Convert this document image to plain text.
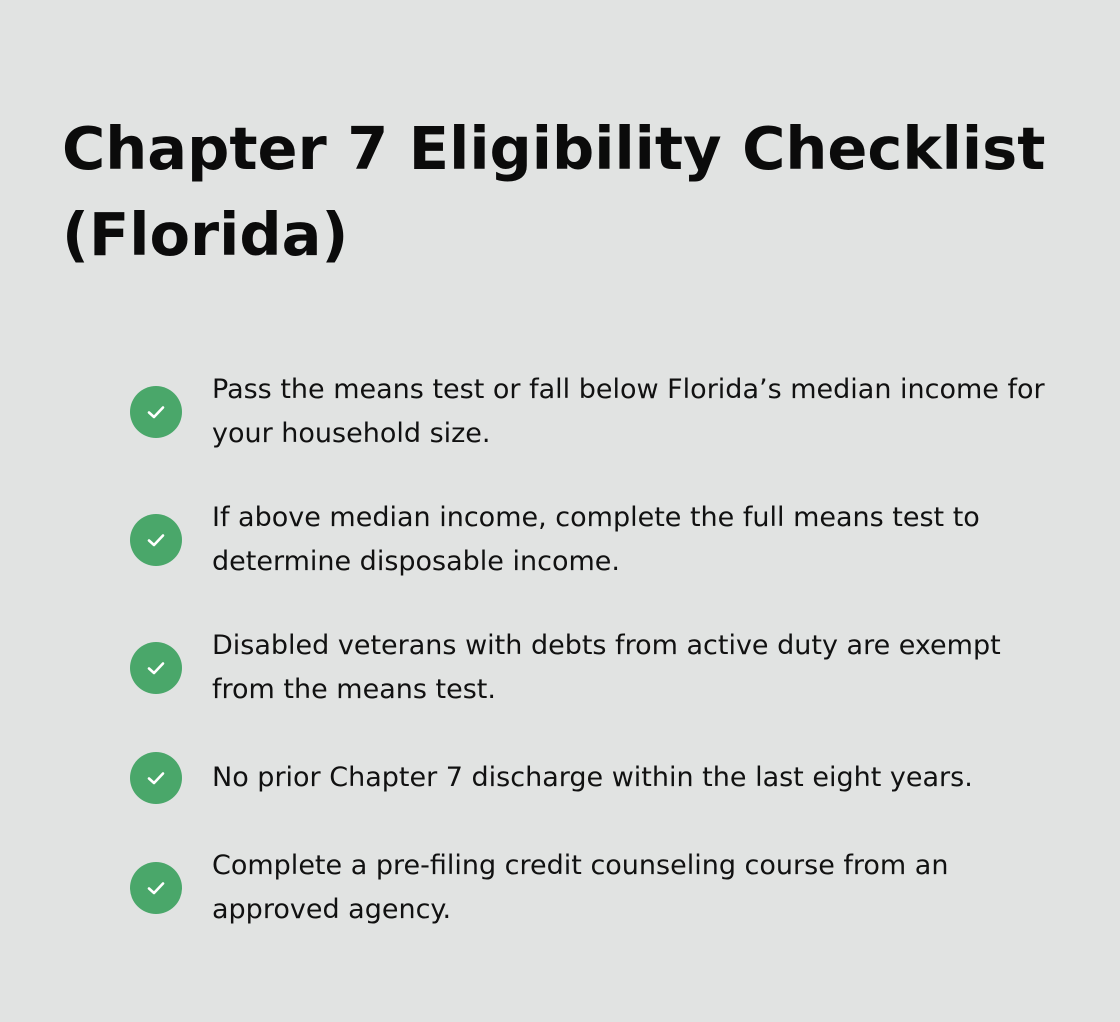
Chapter 7 Eligibility Checklist (Florida)
Pass the means test or fall below Florida’s median income for your household size.
If above median income, complete the full means test to determine disposable income.
Disabled veterans with debts from active duty are exempt from the means test.
No prior Chapter 7 discharge within the last eight years.
Complete a pre-filing credit counseling course from an approved agency.
